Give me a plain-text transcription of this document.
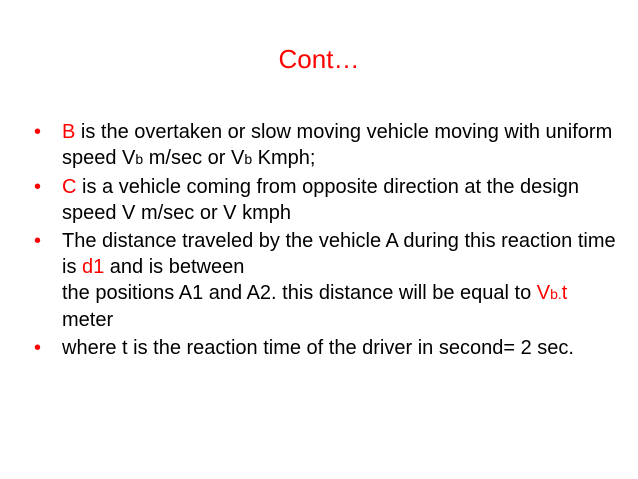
Cont…
• B is the overtaken or slow moving vehicle moving with uniform speed Vb m/sec or Vb Kmph;
• C is a vehicle coming from opposite direction at the design speed V m/sec or V kmph
• The distance traveled by the vehicle A during this reaction time is d1 and is between
the positions A1 and A2. this distance will be equal to Vb.t meter
• where t is the reaction time of the driver in second= 2 sec.
